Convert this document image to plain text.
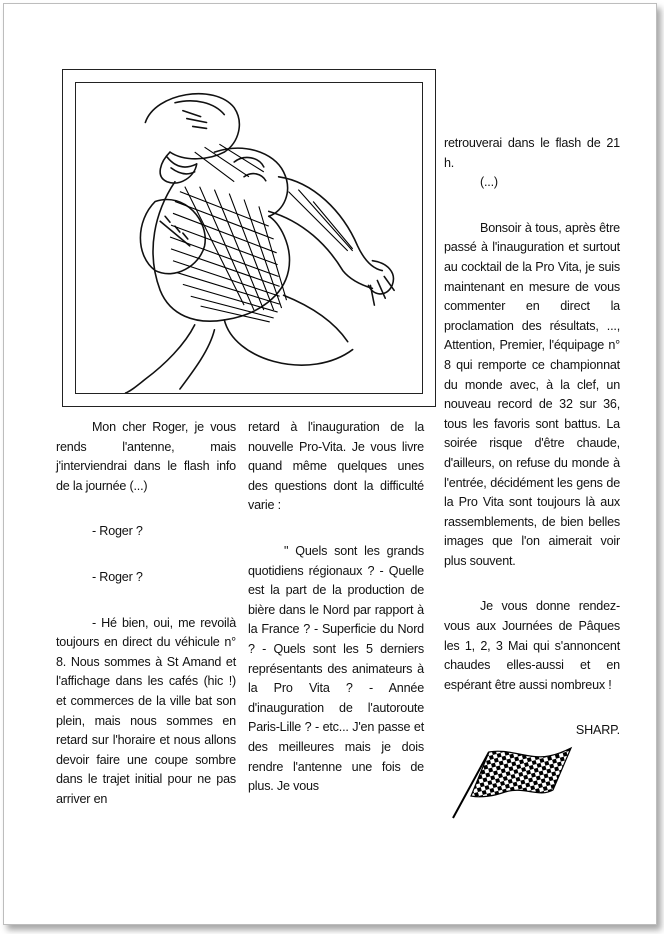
Mon cher Roger, je vous rends l'antenne, mais j'interviendrai dans le flash info de la journée (...)

- Roger ?

- Roger ?

- Hé bien, oui, me revoilà toujours en direct du véhicule n° 8. Nous sommes à St Amand et l'affichage dans les cafés (hic !) et commerces de la ville bat son plein, mais nous sommes en retard sur l'horaire et nous allons devoir faire une coupe sombre dans le trajet initial pour ne pas arriver en

retard à l'inauguration de la nouvelle Pro-Vita. Je vous livre quand même quelques unes des questions dont la difficulté varie :

" Quels sont les grands quotidiens régionaux ? - Quelle est la part de la production de bière dans le Nord par rapport à la France ? - Superficie du Nord ? - Quels sont les 5 derniers représentants des animateurs à la Pro Vita ? - Année d'inauguration de l'autoroute Paris-Lille ? - etc... J'en passe et des meilleures mais je dois rendre l'antenne une fois de plus. Je vous

retrouverai dans le flash de 21 h.

(...)

Bonsoir à tous, après être passé à l'inauguration et surtout au cocktail de la Pro Vita, je suis maintenant en mesure de vous commenter en direct la proclamation des résultats, ..., Attention, Premier, l'équipage n° 8 qui remporte ce championnat du monde avec, à la clef, un nouveau record de 32 sur 36, tous les favoris sont battus. La soirée risque d'être chaude, d'ailleurs, on refuse du monde à l'entrée, décidément les gens de la Pro Vita sont toujours là aux rassemblements, de bien belles images que l'on aimerait voir plus souvent.

Je vous donne rendez-vous aux Journées de Pâques les 1, 2, 3 Mai qui s'annoncent chaudes elles-aussi et en espérant être aussi nombreux !

SHARP.
